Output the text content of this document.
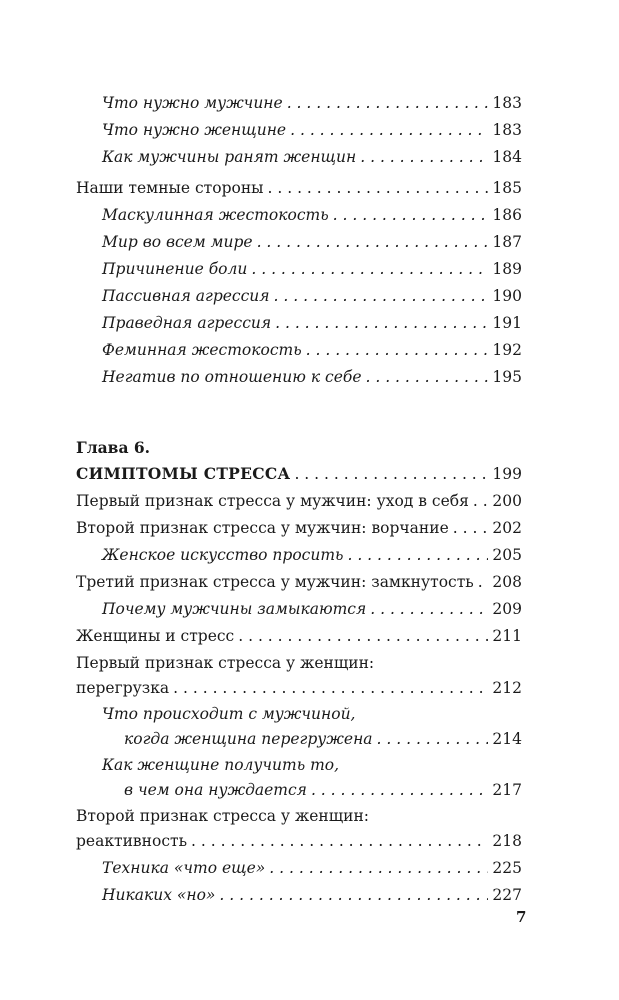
Что нужно мужчине . . .	183
Что нужно женщине . . .	183
Как мужчины ранят женщин . . .	184
Наши темные стороны . . .	185
Маскулинная жестокость . . .	186
Мир во всем мире . . .	187
Причинение боли . . .	189
Пассивная агрессия . . .	190
Праведная агрессия . . .	191
Феминная жестокость . . .	192
Негатив по отношению к себе . . .	195
Глава 6.
СИМПТОМЫ СТРЕССА . . .	199
Первый признак стресса у мужчин: уход в себя . . . 200
Второй признак стресса у мужчин: ворчание . . .	202
Женское искусство просить . . .	205
Третий признак стресса у мужчин: замкнутость . . . 208
Почему мужчины замыкаются . . .	209
Женщины и стресс . . .	211
Первый признак стресса у женщин:
перегрузка . . .	212
Что происходит с мужчиной,
когда женщина перегружена . . .	214
Как женщине получить то,
в чем она нуждается . . .	217
Второй признак стресса у женщин:
реактивность . . .	218
Техника «что еще» . . .	225
Никаких «но» . . .	227
7
